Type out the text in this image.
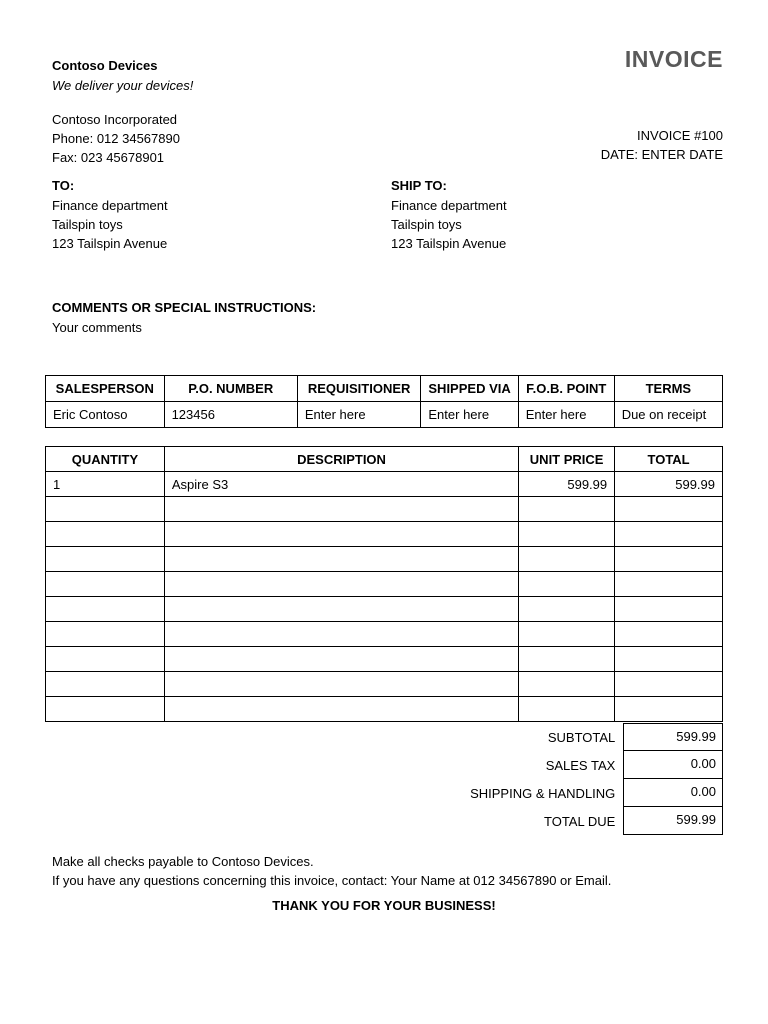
Contoso Devices
We deliver your devices!
Contoso Incorporated
Phone: 012 34567890
Fax: 023 45678901
INVOICE
INVOICE #100
DATE: ENTER DATE
TO:
Finance department
Tailspin toys
123 Tailspin Avenue
SHIP TO:
Finance department
Tailspin toys
123 Tailspin Avenue
COMMENTS OR SPECIAL INSTRUCTIONS:
Your comments
SALESPERSON	P.O. NUMBER	REQUISITIONER	SHIPPED VIA	F.O.B. POINT	TERMS
Eric Contoso	123456	Enter here	Enter here	Enter here	Due on receipt
QUANTITY	DESCRIPTION	UNIT PRICE	TOTAL
1	Aspire S3	599.99	599.99

SUBTOTAL	599.99
SALES TAX	0.00
SHIPPING & HANDLING	0.00
TOTAL DUE	599.99
Make all checks payable to Contoso Devices.
If you have any questions concerning this invoice, contact: Your Name at 012 34567890 or Email.
THANK YOU FOR YOUR BUSINESS!
